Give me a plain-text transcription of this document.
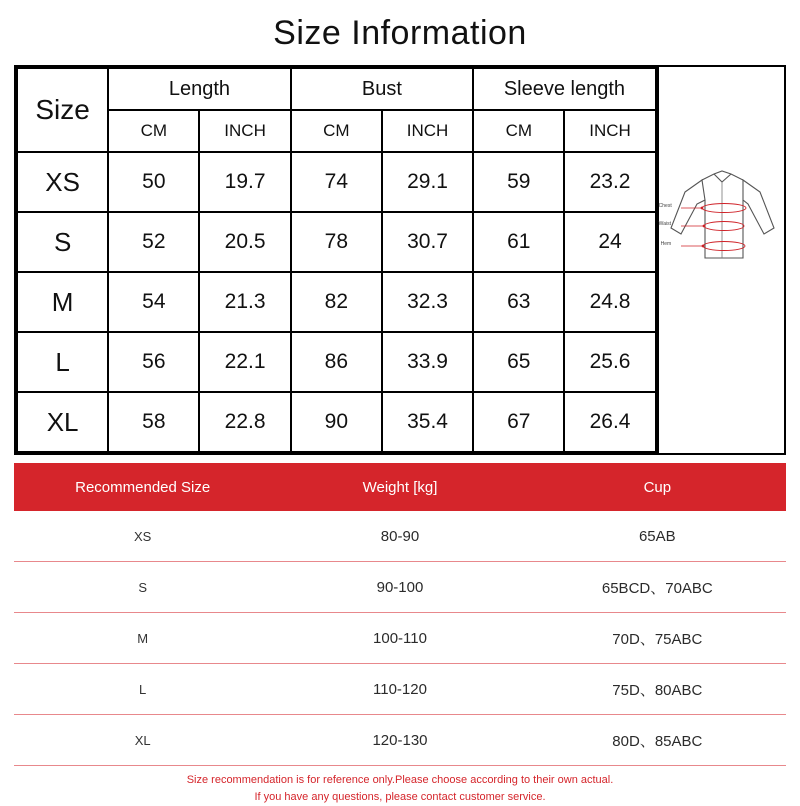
Size Information
Size	Length		Bust		Sleeve length	
	CM	INCH	CM	INCH	CM	INCH
XS	50	19.7	74	29.1	59	23.2
S	52	20.5	78	30.7	61	24
M	54	21.3	82	32.3	63	24.8
L	56	22.1	86	33.9	65	25.6
XL	58	22.8	90	35.4	67	26.4
Chest
Waist
Hem
Recommended Size	Weight [kg]	Cup
XS	80-90	65AB
S	90-100	65BCD、70ABC
M	100-110	70D、75ABC
L	110-120	75D、80ABC
XL	120-130	80D、85ABC
Size recommendation is for reference only.Please choose according to their own actual.
If you have any questions, please contact customer service.
